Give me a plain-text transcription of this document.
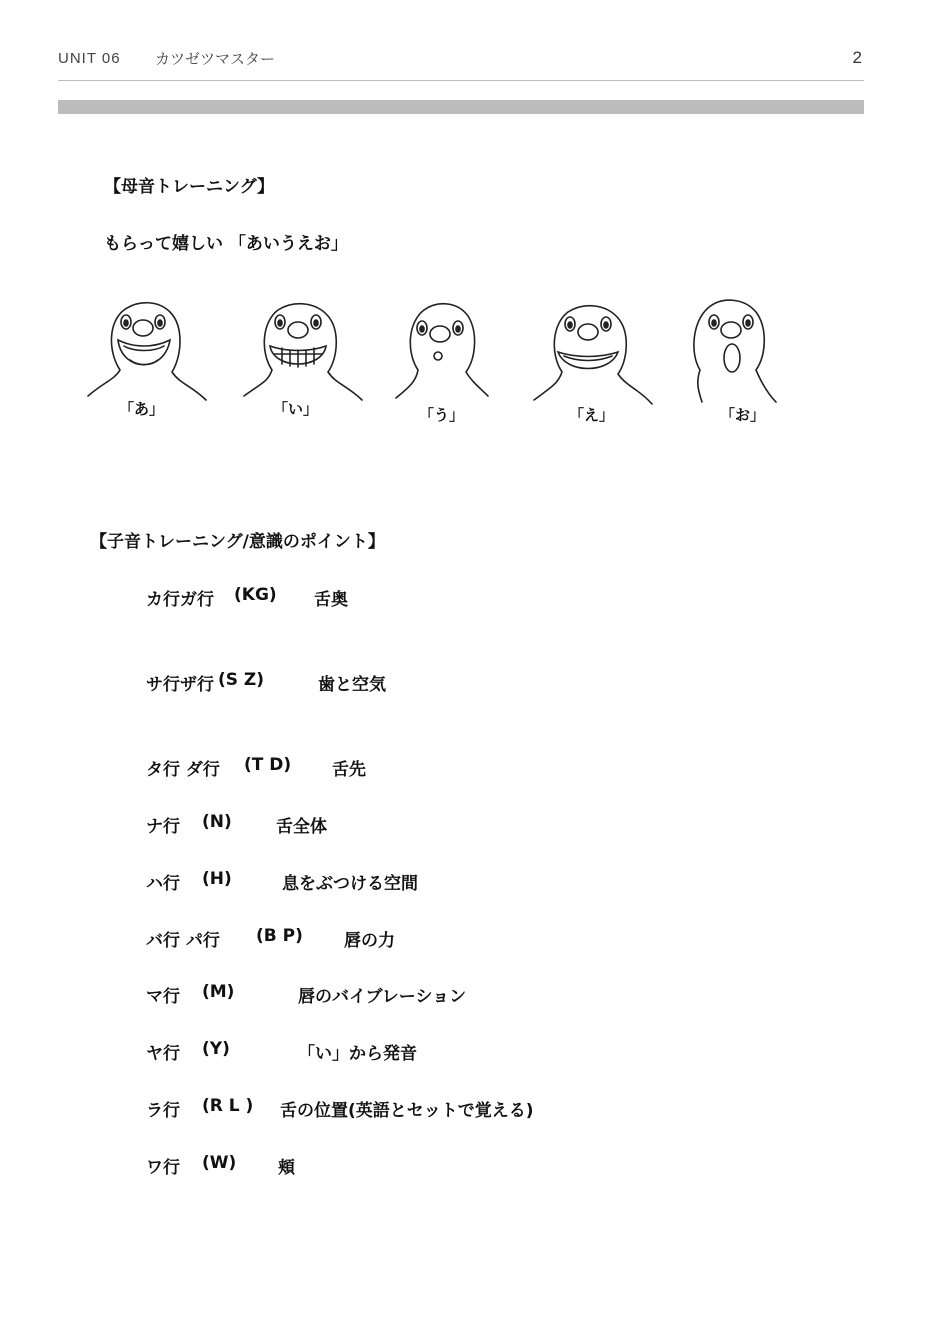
UNIT 06 カツゼツマスター	2
【母音トレーニング】
もらって嬉しい 「あいうえお」
「あ」	「い」	「う」	「え」	「お」
【子音トレーニング/意識のポイント】
カ行ガ行 (KG) 舌奥
サ行ザ行 (S Z)	歯と空気
タ行 ダ行 (T D) 舌先
ナ行 (N)	舌全体
ハ行 (H)	息をぶつける空間
バ行 パ行 (B P) 唇の力
マ行 (M)	唇のバイブレーション
ヤ行 (Y)	「い」から発音
ラ行 (R L ) 舌の位置(英語とセットで覚える)
ワ行 (W) 頬
